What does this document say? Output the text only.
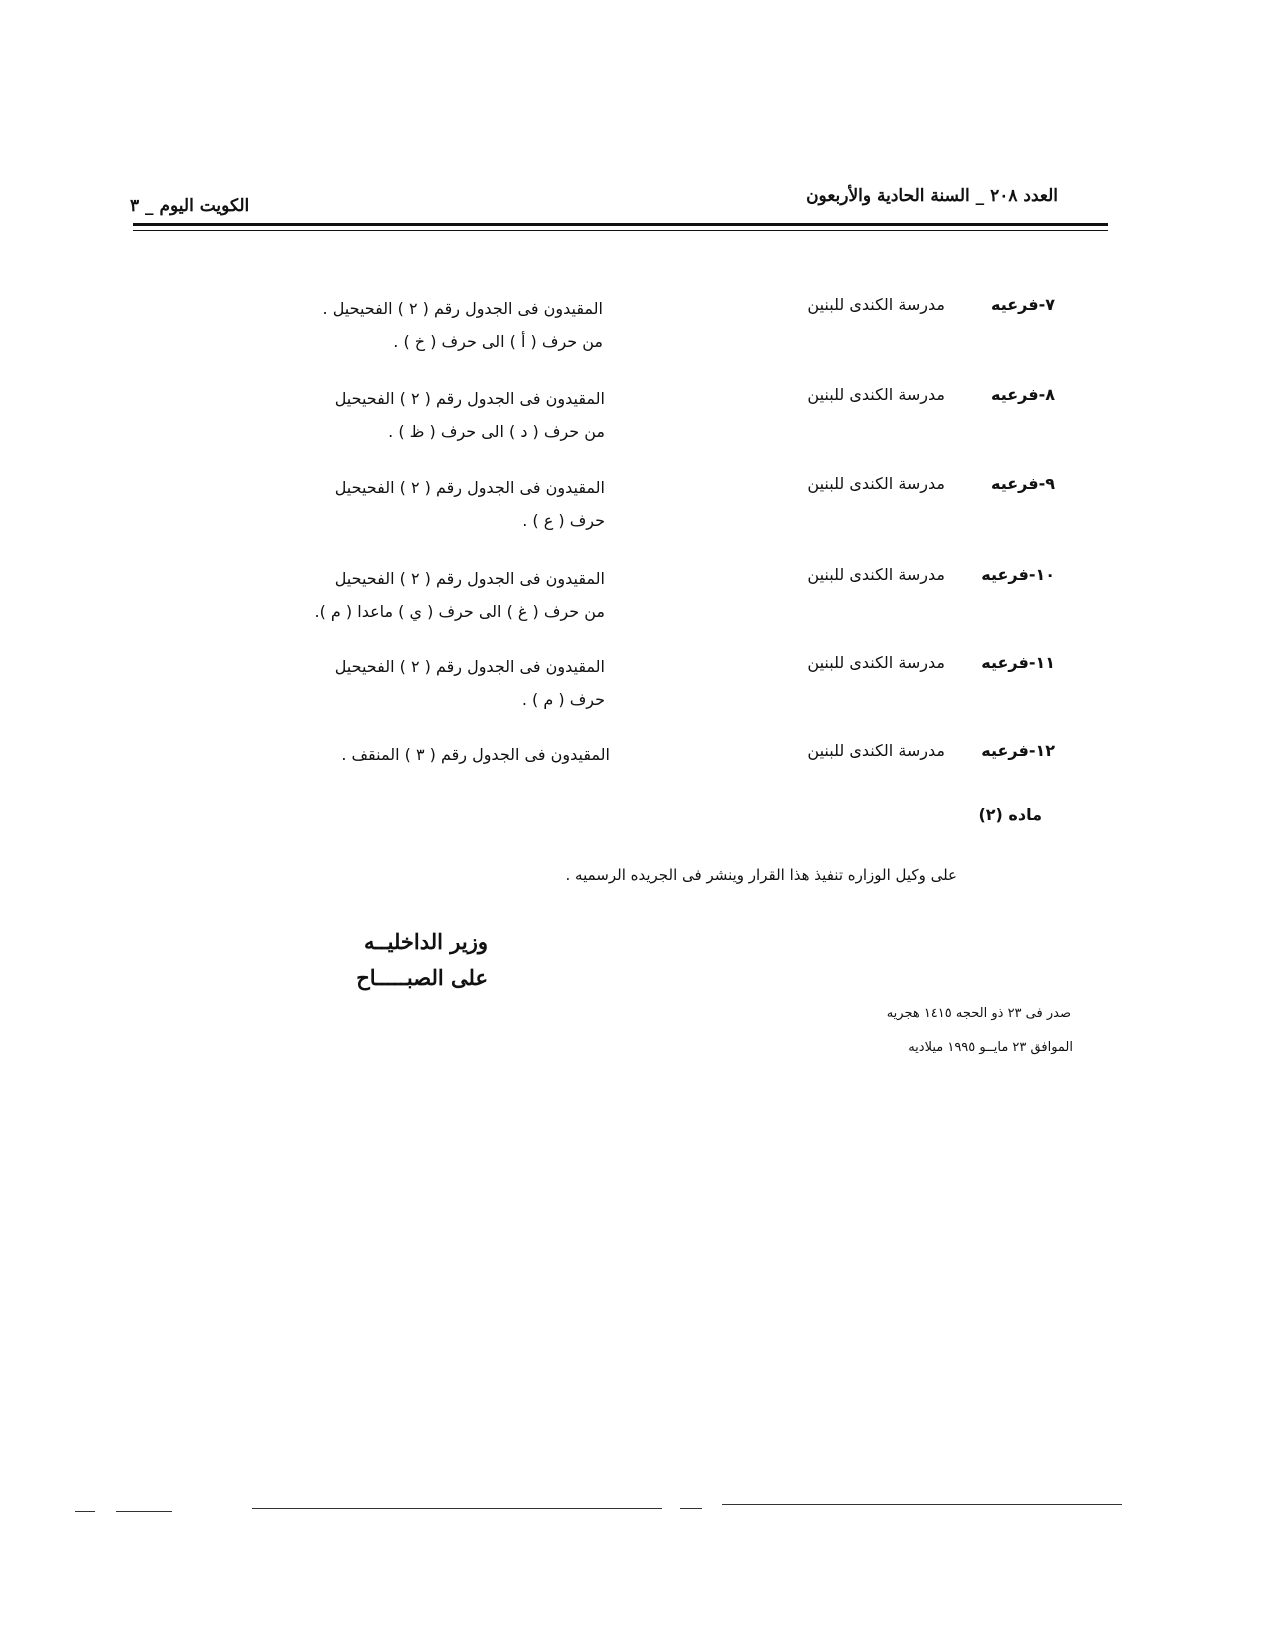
العدد ٢٠٨ _ السنة الحادية والأربعون
الكويت اليوم _ ٣
٧-فرعيه
مدرسة الكندى للبنين
المقيدون فى الجدول رقم ( ٢ ) الفحيحيل .
من حرف ( أ ) الى حرف ( خ ) .
٨-فرعيه
مدرسة الكندى للبنين
المقيدون فى الجدول رقم ( ٢ ) الفحيحيل
من حرف ( د ) الى حرف ( ظ ) .
٩-فرعيه
مدرسة الكندى للبنين
المقيدون فى الجدول رقم ( ٢ ) الفحيحيل
حرف ( ع ) .
١٠-فرعيه
مدرسة الكندى للبنين
المقيدون فى الجدول رقم ( ٢ ) الفحيحيل
من حرف ( غ ) الى حرف ( ي ) ماعدا ( م ).
١١-فرعيه
مدرسة الكندى للبنين
المقيدون فى الجدول رقم ( ٢ ) الفحيحيل
حرف ( م ) .
١٢-فرعيه
مدرسة الكندى للبنين
المقيدون فى الجدول رقم ( ٣ ) المنقف .
ماده (٢)
على وكيل الوزاره تنفيذ هذا القرار وينشر فى الجريده الرسميه .
وزير الداخليــه
على الصبـــــاح
صدر فى ٢٣ ذو الحجه ١٤١٥ هجريه
الموافق ٢٣ مايــو ١٩٩٥ ميلاديه
